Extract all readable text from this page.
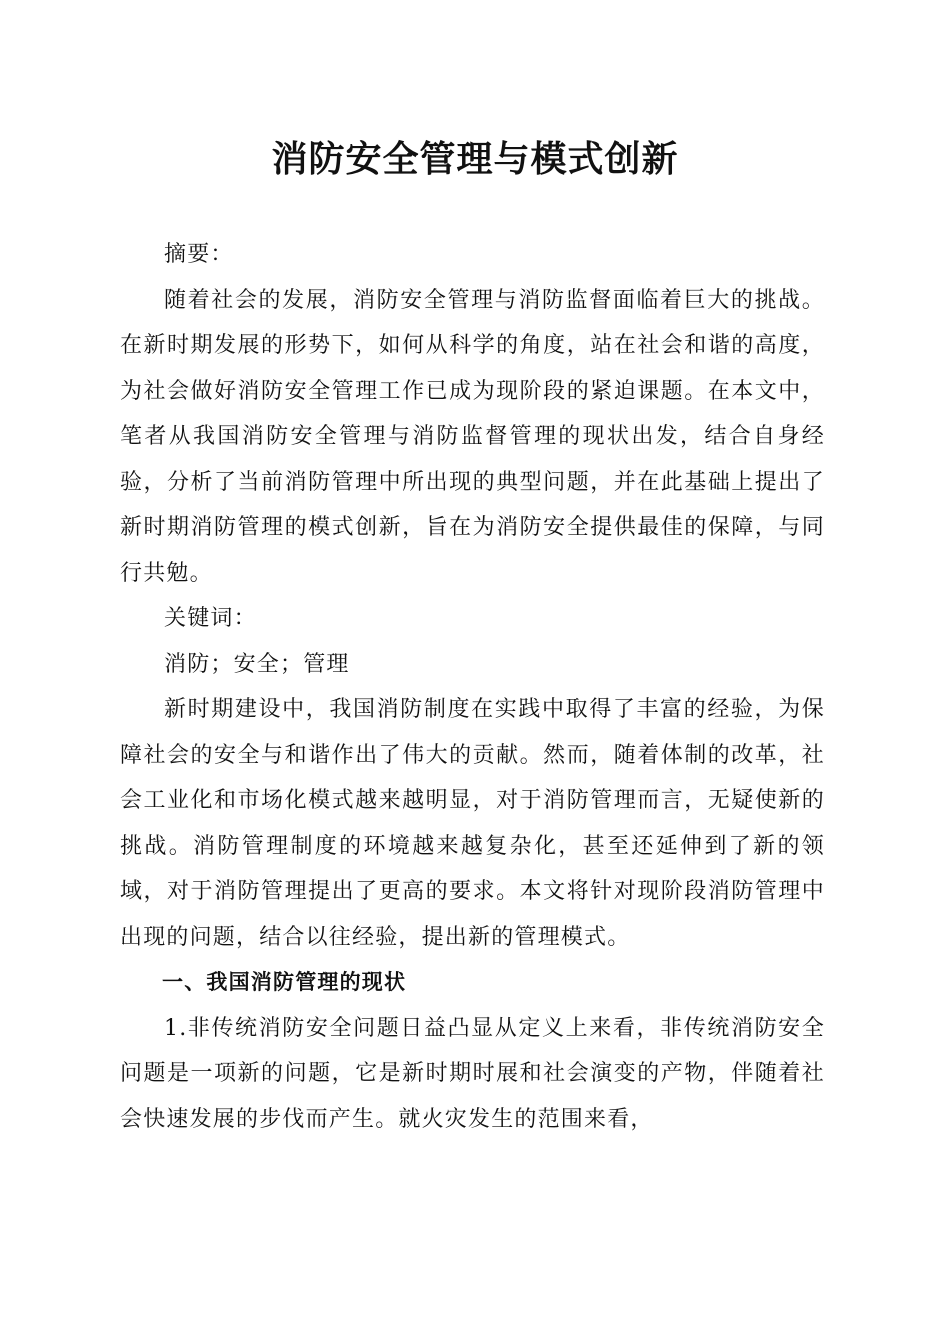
消防安全管理与模式创新

摘要：

随着社会的发展，消防安全管理与消防监督面临着巨大的挑战。在新时期发展的形势下，如何从科学的角度，站在社会和谐的高度，为社会做好消防安全管理工作已成为现阶段的紧迫课题。在本文中，笔者从我国消防安全管理与消防监督管理的现状出发，结合自身经验，分析了当前消防管理中所出现的典型问题，并在此基础上提出了新时期消防管理的模式创新，旨在为消防安全提供最佳的保障，与同行共勉。

关键词：

消防；安全；管理

新时期建设中，我国消防制度在实践中取得了丰富的经验，为保障社会的安全与和谐作出了伟大的贡献。然而，随着体制的改革，社会工业化和市场化模式越来越明显，对于消防管理而言，无疑使新的挑战。消防管理制度的环境越来越复杂化，甚至还延伸到了新的领域，对于消防管理提出了更高的要求。本文将针对现阶段消防管理中出现的问题，结合以往经验，提出新的管理模式。

一、我国消防管理的现状

1.非传统消防安全问题日益凸显从定义上来看，非传统消防安全问题是一项新的问题，它是新时期时展和社会演变的产物，伴随着社会快速发展的步伐而产生。就火灾发生的范围来看，
